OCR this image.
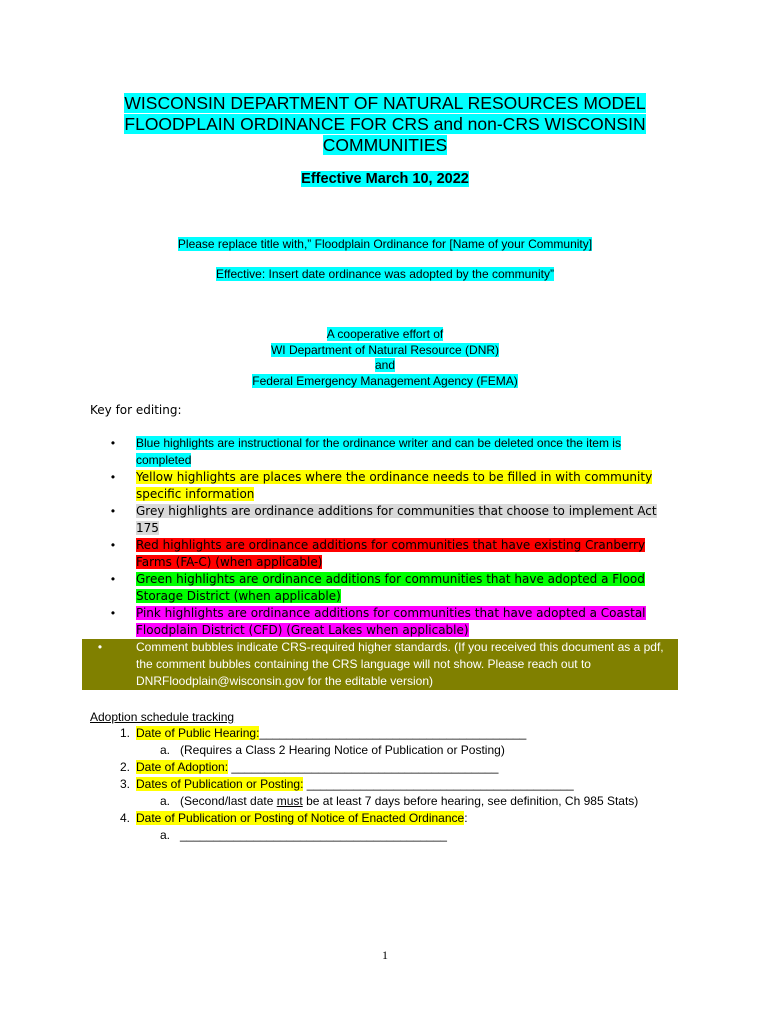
WISCONSIN DEPARTMENT OF NATURAL RESOURCES MODEL
FLOODPLAIN ORDINANCE FOR CRS and non-CRS WISCONSIN
COMMUNITIES
Effective March 10, 2022
Please replace title with,” Floodplain Ordinance for [Name of your Community]
Effective: Insert date ordinance was adopted by the community”
A cooperative effort of
WI Department of Natural Resource (DNR)
and
Federal Emergency Management Agency (FEMA)
Key for editing:
• Blue highlights are instructional for the ordinance writer and can be deleted once the item is completed
• Yellow highlights are places where the ordinance needs to be filled in with community specific information
• Grey highlights are ordinance additions for communities that choose to implement Act 175
• Red highlights are ordinance additions for communities that have existing Cranberry Farms (FA-C) (when applicable)
• Green highlights are ordinance additions for communities that have adopted a Flood Storage District (when applicable)
• Pink highlights are ordinance additions for communities that have adopted a Coastal Floodplain District (CFD) (Great Lakes when applicable)
•	Comment bubbles indicate CRS-required higher standards. (If you received this document as a pdf, the comment bubbles containing the CRS language will not show. Please reach out to DNRFloodplain@wisconsin.gov for the editable version)
Adoption schedule tracking
1. Date of Public Hearing:________________________________________
a. (Requires a Class 2 Hearing Notice of Publication or Posting)
2. Date of Adoption: ________________________________________
3. Dates of Publication or Posting: ________________________________________
a. (Second/last date must be at least 7 days before hearing, see definition, Ch 985 Stats)
4. Date of Publication or Posting of Notice of Enacted Ordinance:
a. ________________________________________
1
